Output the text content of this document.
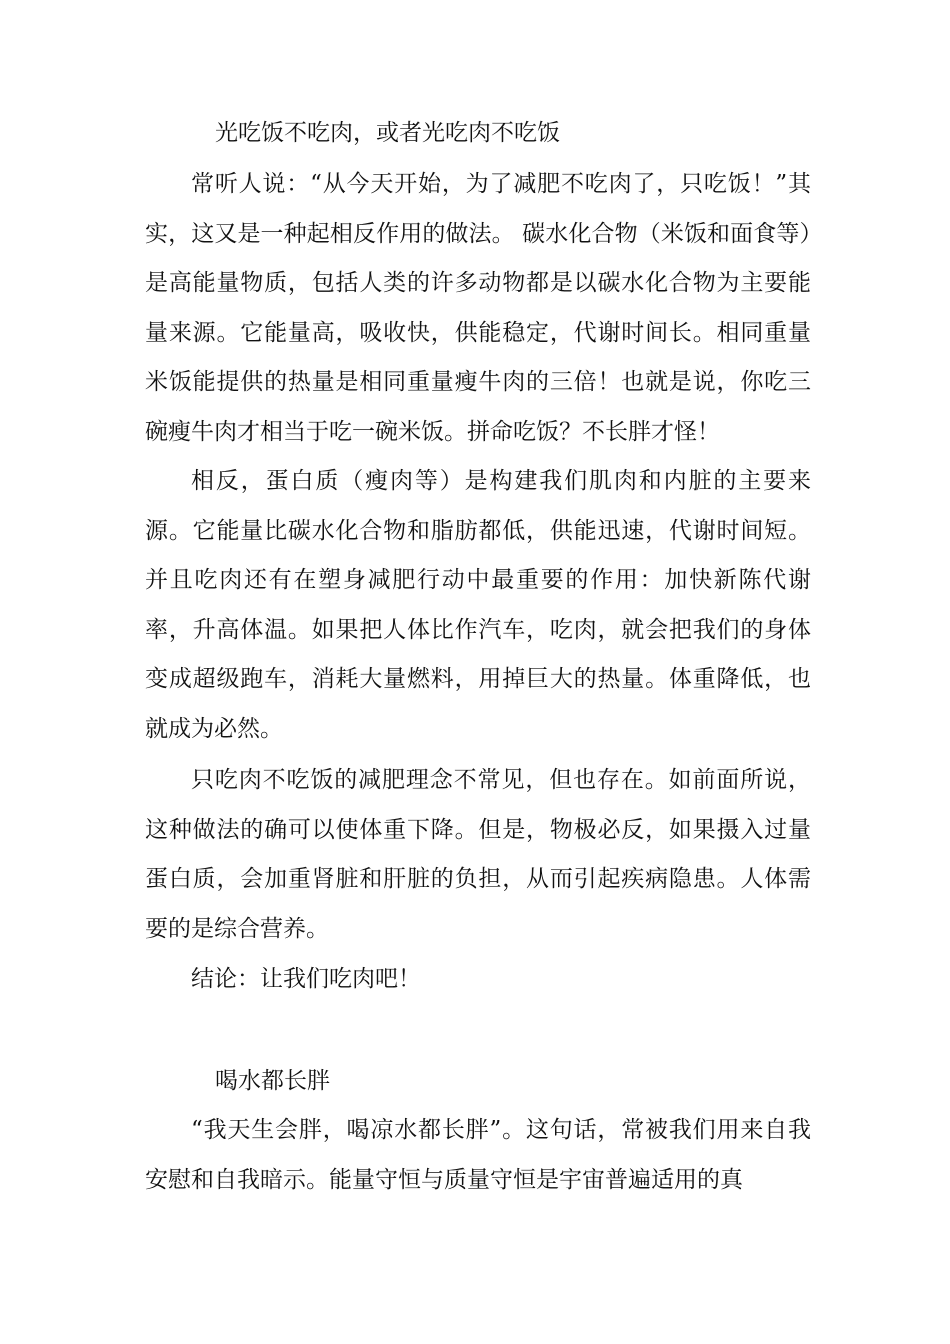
光吃饭不吃肉，或者光吃肉不吃饭

常听人说：“从今天开始，为了减肥不吃肉了，只吃饭！”其实，这又是一种起相反作用的做法。 碳水化合物（米饭和面食等）是高能量物质，包括人类的许多动物都是以碳水化合物为主要能量来源。它能量高，吸收快，供能稳定，代谢时间长。相同重量米饭能提供的热量是相同重量瘦牛肉的三倍！也就是说，你吃三碗瘦牛肉才相当于吃一碗米饭。拼命吃饭？不长胖才怪！

相反，蛋白质（瘦肉等）是构建我们肌肉和内脏的主要来源。它能量比碳水化合物和脂肪都低，供能迅速，代谢时间短。并且吃肉还有在塑身减肥行动中最重要的作用：加快新陈代谢率，升高体温。如果把人体比作汽车，吃肉，就会把我们的身体变成超级跑车，消耗大量燃料，用掉巨大的热量。体重降低，也就成为必然。

只吃肉不吃饭的减肥理念不常见，但也存在。如前面所说，这种做法的确可以使体重下降。但是，物极必反，如果摄入过量蛋白质，会加重肾脏和肝脏的负担，从而引起疾病隐患。人体需要的是综合营养。

结论：让我们吃肉吧！

喝水都长胖

“我天生会胖，喝凉水都长胖”。这句话，常被我们用来自我安慰和自我暗示。能量守恒与质量守恒是宇宙普遍适用的真
